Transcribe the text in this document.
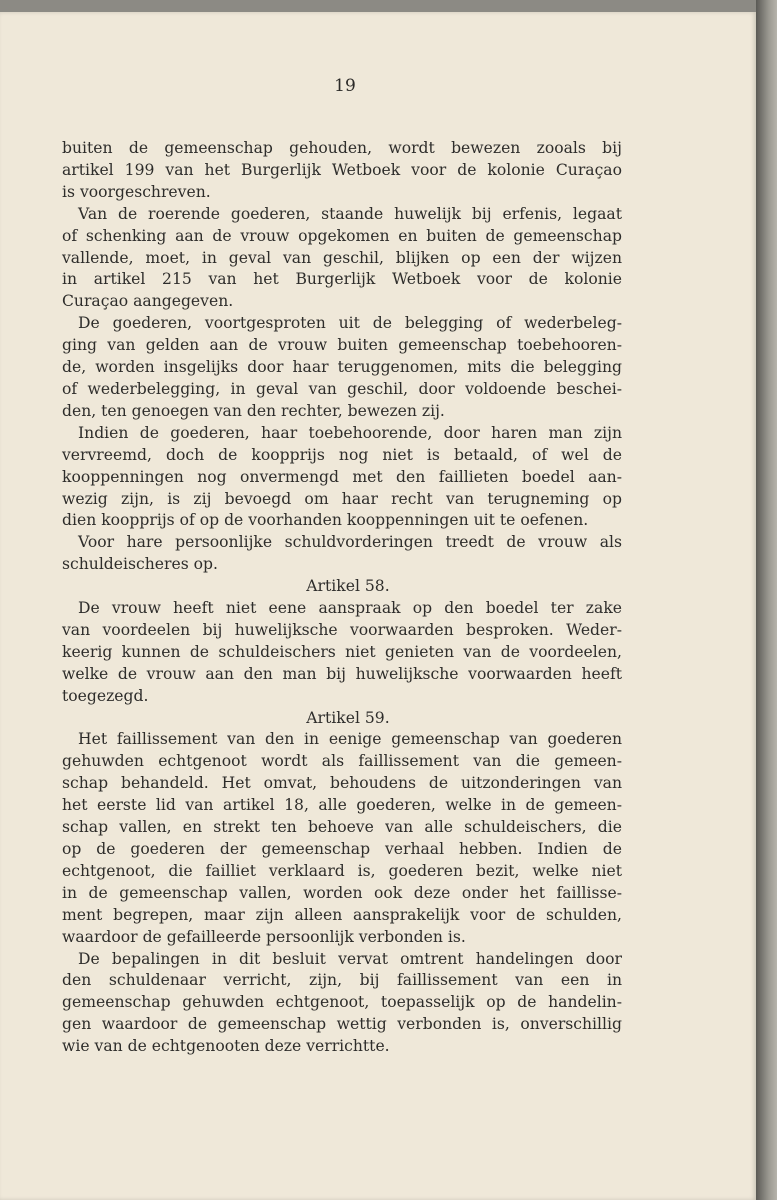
19
buiten de gemeenschap gehouden, wordt bewezen zooals bij
artikel 199 van het Burgerlijk Wetboek voor de kolonie Curaçao
is voorgeschreven.
Van de roerende goederen, staande huwelijk bij erfenis, legaat
of schenking aan de vrouw opgekomen en buiten de gemeenschap
vallende, moet, in geval van geschil, blijken op een der wijzen
in artikel 215 van het Burgerlijk Wetboek voor de kolonie
Curaçao aangegeven.
De goederen, voortgesproten uit de belegging of wederbeleg-
ging van gelden aan de vrouw buiten gemeenschap toebehooren-
de, worden insgelijks door haar teruggenomen, mits die belegging
of wederbelegging, in geval van geschil, door voldoende beschei-
den, ten genoegen van den rechter, bewezen zij.
Indien de goederen, haar toebehoorende, door haren man zijn
vervreemd, doch de koopprijs nog niet is betaald, of wel de
kooppenningen nog onvermengd met den faillieten boedel aan-
wezig zijn, is zij bevoegd om haar recht van terugneming op
dien koopprijs of op de voorhanden kooppenningen uit te oefenen.
Voor hare persoonlijke schuldvorderingen treedt de vrouw als
schuldeischeres op.
Artikel 58.
De vrouw heeft niet eene aanspraak op den boedel ter zake
van voordeelen bij huwelijksche voorwaarden besproken. Weder-
keerig kunnen de schuldeischers niet genieten van de voordeelen,
welke de vrouw aan den man bij huwelijksche voorwaarden heeft
toegezegd.
Artikel 59.
Het faillissement van den in eenige gemeenschap van goederen
gehuwden echtgenoot wordt als faillissement van die gemeen-
schap behandeld. Het omvat, behoudens de uitzonderingen van
het eerste lid van artikel 18, alle goederen, welke in de gemeen-
schap vallen, en strekt ten behoeve van alle schuldeischers, die
op de goederen der gemeenschap verhaal hebben. Indien de
echtgenoot, die failliet verklaard is, goederen bezit, welke niet
in de gemeenschap vallen, worden ook deze onder het faillisse-
ment begrepen, maar zijn alleen aansprakelijk voor de schulden,
waardoor de gefailleerde persoonlijk verbonden is.
De bepalingen in dit besluit vervat omtrent handelingen door
den schuldenaar verricht, zijn, bij faillissement van een in
gemeenschap gehuwden echtgenoot, toepasselijk op de handelin-
gen waardoor de gemeenschap wettig verbonden is, onverschillig
wie van de echtgenooten deze verrichtte.
